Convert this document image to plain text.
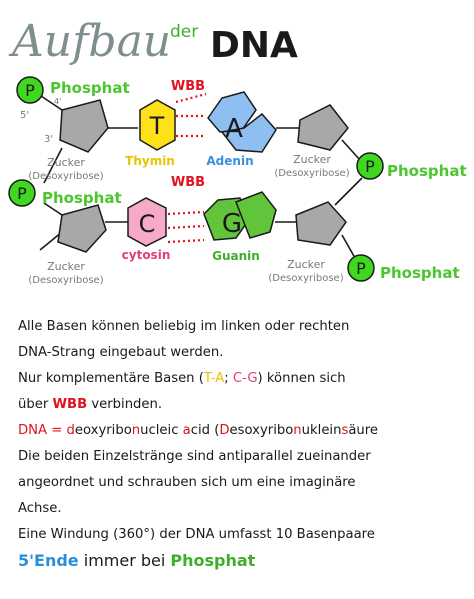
Aufbau
der DNA
P
P
P
P
Phosphat
Phosphat
Phosphat
Phosphat
5'
4'
3'
Zucker
(Desoxyribose)
Zucker
(Desoxyribose)
Zucker
(Desoxyribose)
Zucker
(Desoxyribose)
WBB
WBB
T
Thymin
A
Adenin
C
cytosin
G
Guanin
Alle Basen können beliebig im linken oder rechten
DNA-Strang eingebaut werden.
Nur komplementäre Basen (T-A; C-G) können sich
über WBB verbinden.
DNA = deoxyribonucleic acid (Desoxyribonukleinsäure
Die beiden Einzelstränge sind antiparallel zueinander
angeordnet und schrauben sich um eine imaginäre
Achse.
Eine Windung (360°) der DNA umfasst 10 Basenpaare
5'Ende immer bei Phosphat
